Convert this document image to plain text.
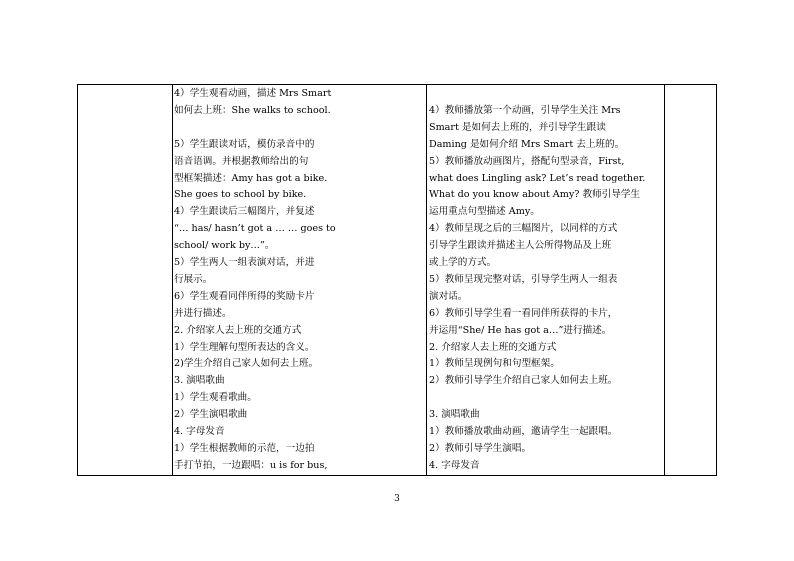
4）学生观看动画，描述 Mrs Smart
如何去上班：She walks to school.
5）学生跟读对话，模仿录音中的
语音语调。并根据教师给出的句
型框架描述：Amy has got a bike.
She goes to school by bike.
4）学生跟读后三幅图片，并复述
“… has/ hasn’t got a … … goes to
school/ work by…”。
5）学生两人一组表演对话，并进
行展示。
6）学生观看同伴所得的奖励卡片
并进行描述。
2. 介绍家人去上班的交通方式
1）学生理解句型所表达的含义。
2)学生介绍自己家人如何去上班。
3. 演唱歌曲
1）学生观看歌曲。
2）学生演唱歌曲
4. 字母发音
1）学生根据教师的示范，一边拍
手打节拍，一边跟唱：u is for bus,
4）教师播放第一个动画，引导学生关注 Mrs
Smart 是如何去上班的，并引导学生跟读
Daming 是如何介绍 Mrs Smart 去上班的。
5）教师播放动画图片，搭配句型录音，First,
what does Lingling ask? Let’s read together.
What do you know about Amy? 教师引导学生
运用重点句型描述 Amy。
4）教师呈现之后的三幅图片，以同样的方式
引导学生跟读并描述主人公所得物品及上班
或上学的方式。
5）教师呈现完整对话，引导学生两人一组表
演对话。
6）教师引导学生看一看同伴所获得的卡片，
并运用“She/ He has got a…”进行描述。
2. 介绍家人去上班的交通方式
1）教师呈现例句和句型框架。
2）教师引导学生介绍自己家人如何去上班。
3. 演唱歌曲
1）教师播放歌曲动画，邀请学生一起跟唱。
2）教师引导学生演唱。
4. 字母发音
3
